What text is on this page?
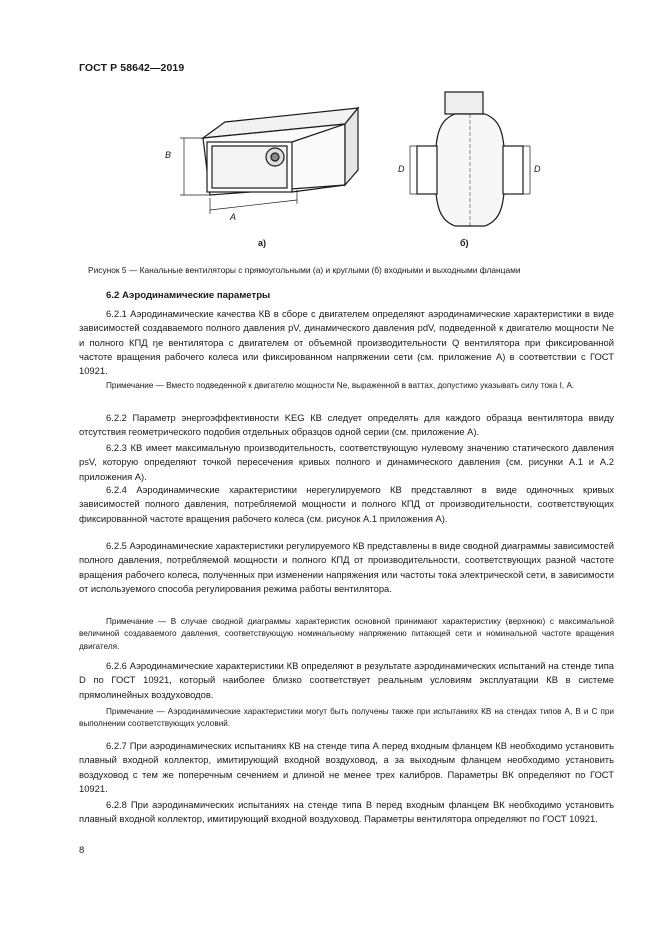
ГОСТ Р 58642—2019
B
A
D	D
а)	б)
Рисунок 5 — Канальные вентиляторы с прямоугольными (а) и круглыми (б) входными и выходными фланцами
6.2 Аэродинамические параметры
6.2.1 Аэродинамические качества КВ в сборе с двигателем определяют аэродинамические характеристики в виде зависимостей создаваемого полного давления pV, динамического давления pdV, подведенной к двигателю мощности Ne и полного КПД ηe вентилятора с двигателем от объемной производительности Q вентилятора при фиксированной частоте вращения рабочего колеса или фиксированном напряжении сети (см. приложение А) в соответствии с ГОСТ 10921.
Примечание — Вместо подведенной к двигателю мощности Ne, выраженной в ваттах, допустимо указывать силу тока I, А.
6.2.2 Параметр энергоэффективности KEG КВ следует определять для каждого образца вентилятора ввиду отсутствия геометрического подобия отдельных образцов одной серии (см. приложение А).
6.2.3 КВ имеет максимальную производительность, соответствующую нулевому значению статического давления psV, которую определяют точкой пересечения кривых полного и динамического давления (см. рисунки А.1 и А.2 приложения А).
6.2.4 Аэродинамические характеристики нерегулируемого КВ представляют в виде одиночных кривых зависимостей полного давления, потребляемой мощности и полного КПД от производительности, соответствующих фиксированной частоте вращения рабочего колеса (см. рисунок А.1 приложения А).
6.2.5 Аэродинамические характеристики регулируемого КВ представлены в виде сводной диаграммы зависимостей полного давления, потребляемой мощности и полного КПД от производительности, соответствующих разной частоте вращения рабочего колеса, полученных при изменении напряжения или частоты тока электрической сети, в зависимости от используемого способа регулирования режима работы вентилятора.
Примечание — В случае сводной диаграммы характеристик основной принимают характеристику (верхнюю) с максимальной величиной создаваемого давления, соответствующую номинальному напряжению питающей сети и номинальной частоте вращения двигателя.
6.2.6 Аэродинамические характеристики КВ определяют в результате аэродинамических испытаний на стенде типа D по ГОСТ 10921, который наиболее близко соответствует реальным условиям эксплуатации КВ в системе прямолинейных воздуховодов.
Примечание — Аэродинамические характеристики могут быть получены также при испытаниях КВ на стендах типов А, В и С при выполнении соответствующих условий.
6.2.7 При аэродинамических испытаниях КВ на стенде типа А перед входным фланцем КВ необходимо установить плавный входной коллектор, имитирующий входной воздуховод, а за выходным фланцем необходимо установить воздуховод с тем же поперечным сечением и длиной не менее трех калибров. Параметры ВК определяют по ГОСТ 10921.
6.2.8 При аэродинамических испытаниях на стенде типа В перед входным фланцем ВК необходимо установить плавный входной коллектор, имитирующий входной воздуховод. Параметры вентилятора определяют по ГОСТ 10921.
8
